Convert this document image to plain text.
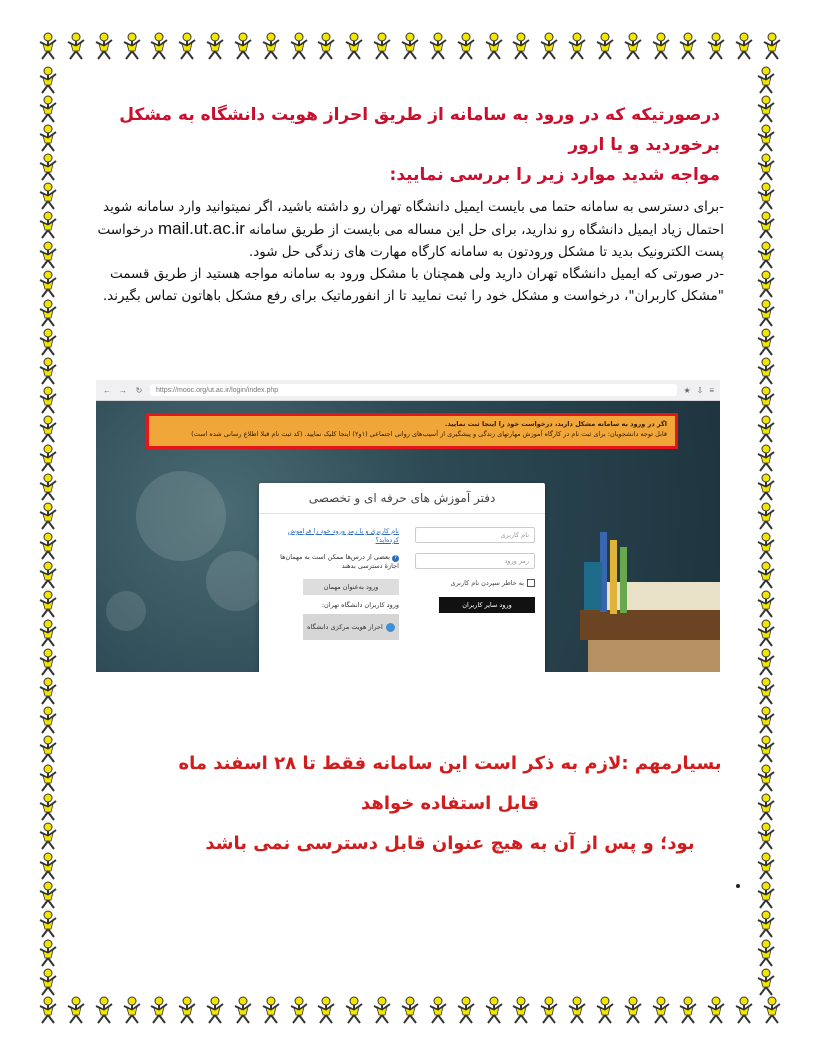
درصورتیکه که در ورود به سامانه از طریق احراز هویت دانشگاه به مشکل برخوردید و یا ارور
مواجه شدید موارد زیر را بررسی نمایید:
-برای دسترسی به سامانه حتما می بایست ایمیل دانشگاه تهران رو داشته باشید، اگر نمیتوانید وارد سامانه شوید
احتمال زیاد ایمیل دانشگاه رو ندارید، برای حل این مساله می بایست از طریق سامانه mail.ut.ac.ir درخواست
پست الکترونیک بدید تا مشکل ورودتون به سامانه کارگاه مهارت های زندگی حل شود.
-در صورتی که ایمیل دانشگاه تهران دارید ولی همچنان با مشکل ورود به سامانه مواجه هستید از طریق قسمت
"مشکل کاربران"، درخواست و مشکل خود را ثبت نمایید تا از انفورماتیک برای رفع مشکل باهاتون تماس بگیرند.
← → ↻ https://mooc.org/ut.ac.ir/login/index.php	★ ⇩ ≡
اگر در ورود به سامانه مشکل دارید، درخواست خود را اینجا ثبت نمایید.
قابل توجه دانشجویان: برای ثبت نام در کارگاه آموزش مهارتهای زندگی و پیشگیری از آسیب‌های روانی اجتماعی (۱و۲) اینجا کلیک نمایید. (کد ثبت نام قبلا اطلاع رسانی شده است)
دفتر آموزش های حرفه ای و تخصصی
نام کاربری
رمز ورود
به خاطر سپردن نام کاربری
ورود سایر کاربران
نام کاربری و یا رمز ورود خود را فراموش کرده‌اید؟
? بعضی از درس‌ها ممکن است به مهمان‌ها اجازهٔ دسترسی بدهند
ورود به‌عنوان مهمان
ورود کاربران دانشگاه تهران:
احراز هویت مرکزی دانشگاه
بسیارمهم :لازم به ذکر است این سامانه فقط تا ۲۸ اسفند ماه قابل استفاده خواهد
بود؛ و پس از آن به هیچ عنوان قابل دسترسی نمی باشد
